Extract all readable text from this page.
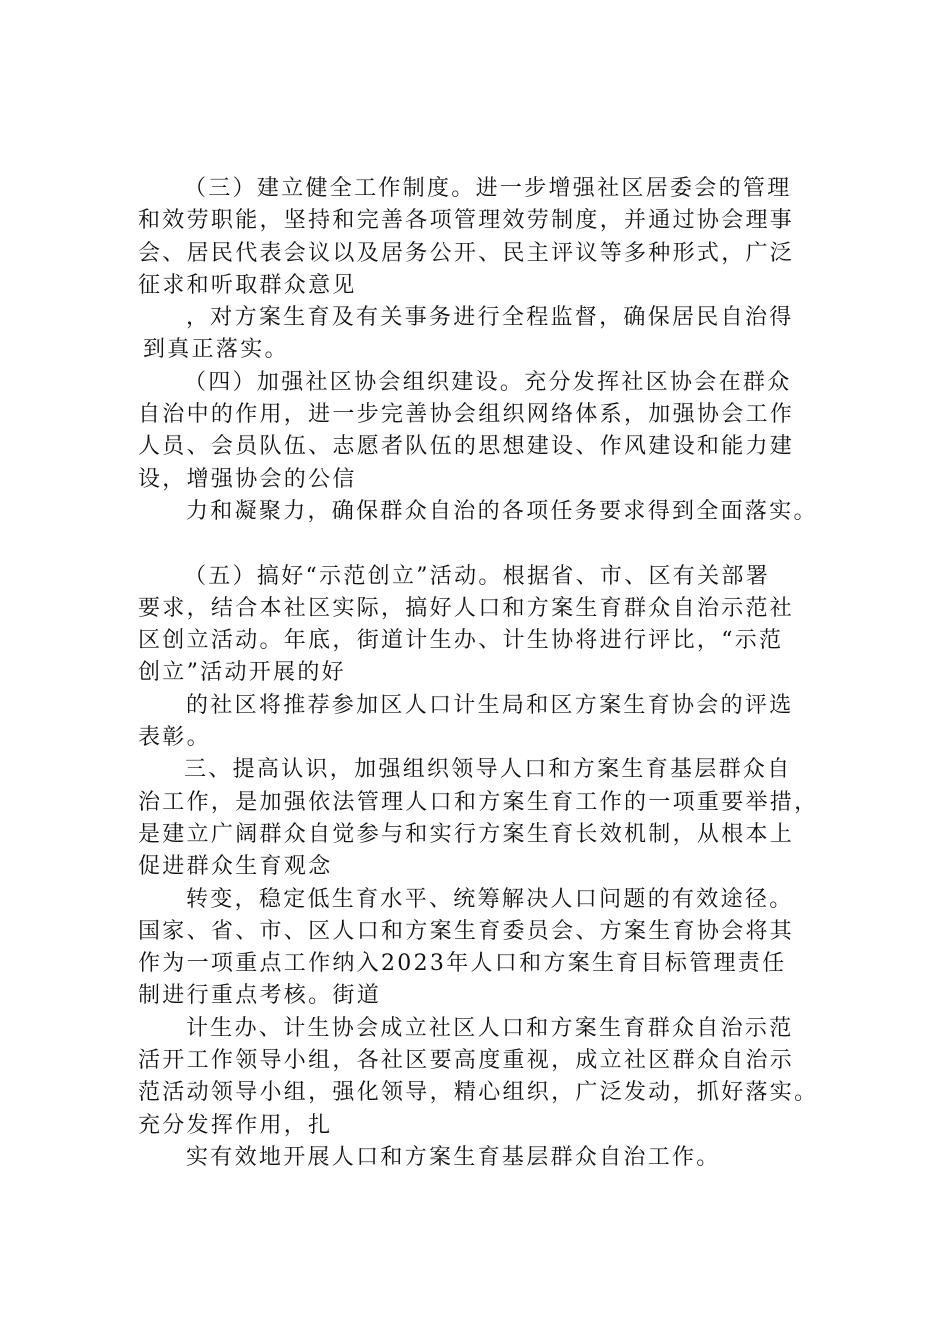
（三）建立健全工作制度。进一步增强社区居委会的管理
和效劳职能，坚持和完善各项管理效劳制度，并通过协会理事
会、居民代表会议以及居务公开、民主评议等多种形式，广泛
征求和听取群众意见
，对方案生育及有关事务进行全程监督，确保居民自治得
到真正落实。
（四）加强社区协会组织建设。充分发挥社区协会在群众
自治中的作用，进一步完善协会组织网络体系，加强协会工作
人员、会员队伍、志愿者队伍的思想建设、作风建设和能力建
设，增强协会的公信
力和凝聚力，确保群众自治的各项任务要求得到全面落实。
（五）搞好“示范创立”活动。根据省、市、区有关部署
要求，结合本社区实际，搞好人口和方案生育群众自治示范社
区创立活动。年底，街道计生办、计生协将进行评比，“示范
创立”活动开展的好
的社区将推荐参加区人口计生局和区方案生育协会的评选
表彰。
三、提高认识，加强组织领导人口和方案生育基层群众自
治工作，是加强依法管理人口和方案生育工作的一项重要举措，
是建立广阔群众自觉参与和实行方案生育长效机制，从根本上
促进群众生育观念
转变，稳定低生育水平、统筹解决人口问题的有效途径。
国家、省、市、区人口和方案生育委员会、方案生育协会将其
作为一项重点工作纳入2023年人口和方案生育目标管理责任
制进行重点考核。街道
计生办、计生协会成立社区人口和方案生育群众自治示范
活开工作领导小组，各社区要高度重视，成立社区群众自治示
范活动领导小组，强化领导，精心组织，广泛发动，抓好落实。
充分发挥作用，扎
实有效地开展人口和方案生育基层群众自治工作。
